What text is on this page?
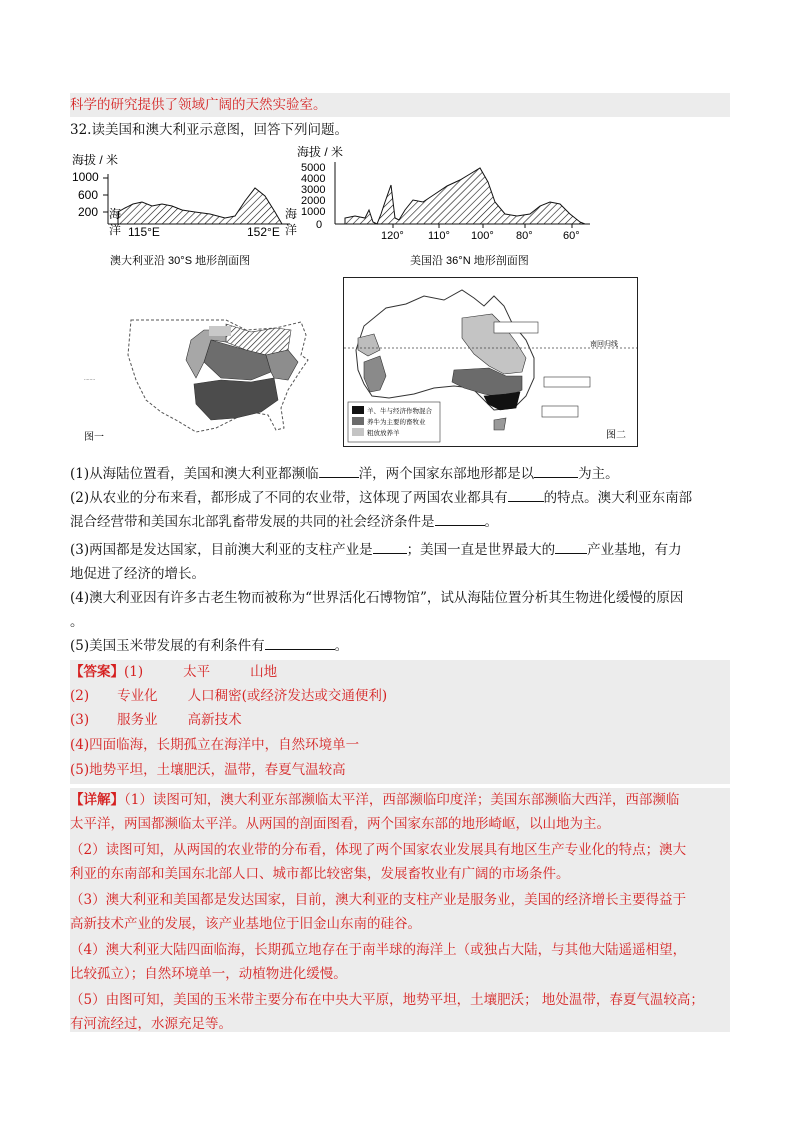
科学的研究提供了领域广阔的天然实验室。
32.读美国和澳大利亚示意图，回答下列问题。
海拔 / 米
1000
600
200 海
洋
海
洋
115°E	152°E
澳大利亚沿 30°S 地形剖面图
海拔 / 米
5000
4000
3000
2000
1000
0
120° 110° 100° 80°	60°
美国沿 36°N 地形剖面图
图一
........
南回归线
羊、牛与经济作物混合
养牛为主要的畜牧业
粗放放养羊	图二
(1)从海陆位置看，美国和澳大利亚都濒临	洋，两个国家东部地形都是以	为主。
(2)从农业的分布来看，都形成了不同的农业带，这体现了两国农业都具有	的特点。澳大利亚东南部
混合经营带和美国东北部乳畜带发展的共同的社会经济条件是	。
(3)两国都是发达国家，目前澳大利亚的支柱产业是	；美国一直是世界最大的 产业基地，有力
地促进了经济的增长。
(4)澳大利亚因有许多古老生物而被称为“世界活化石博物馆”，试从海陆位置分析其生物进化缓慢的原因
。
(5)美国玉米带发展的有利条件有	。
【答案】(1)	太平	山地
(2) 专业化 人口稠密(或经济发达或交通便利)
(3) 服务业 高新技术
(4)四面临海，长期孤立在海洋中，自然环境单一
(5)地势平坦，土壤肥沃，温带，春夏气温较高
【详解】（1）读图可知，澳大利亚东部濒临太平洋，西部濒临印度洋；美国东部濒临大西洋，西部濒临
太平洋，两国都濒临太平洋。从两国的剖面图看，两个国家东部的地形崎岖，以山地为主。
（2）读图可知，从两国的农业带的分布看，体现了两个国家农业发展具有地区生产专业化的特点；澳大
利亚的东南部和美国东北部人口、城市都比较密集，发展畜牧业有广阔的市场条件。
（3）澳大利亚和美国都是发达国家，目前，澳大利亚的支柱产业是服务业，美国的经济增长主要得益于
高新技术产业的发展，该产业基地位于旧金山东南的硅谷。
（4）澳大利亚大陆四面临海，长期孤立地存在于南半球的海洋上（或独占大陆，与其他大陆遥遥相望，
比较孤立）；自然环境单一，动植物进化缓慢。
（5）由图可知，美国的玉米带主要分布在中央大平原，地势平坦，土壤肥沃； 地处温带，春夏气温较高；
有河流经过，水源充足等。
